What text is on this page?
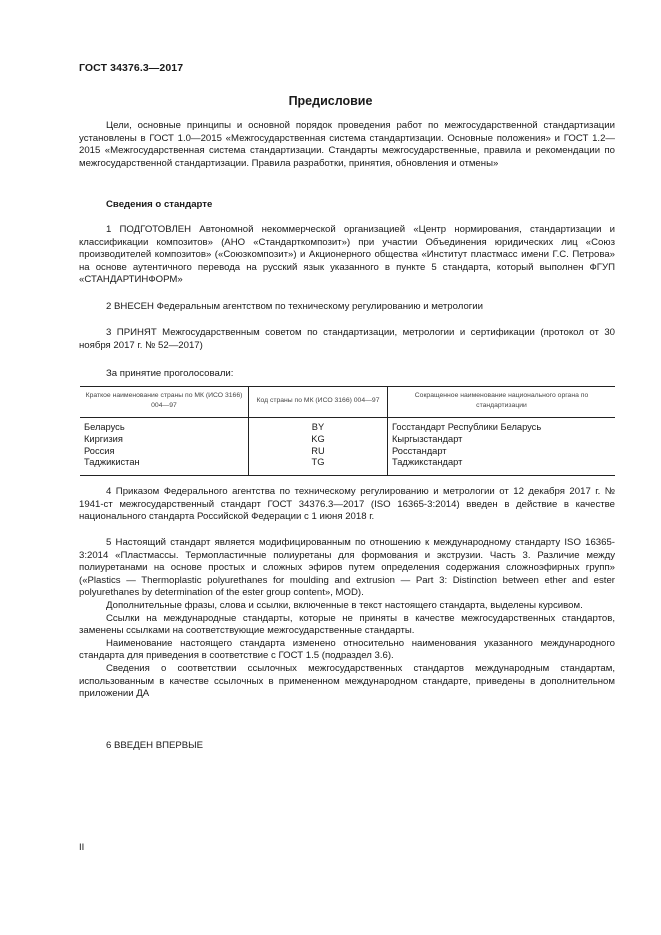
ГОСТ 34376.3—2017
Предисловие

Цели, основные принципы и основной порядок проведения работ по межгосударственной стандартизации установлены в ГОСТ 1.0—2015 «Межгосударственная система стандартизации. Основные положения» и ГОСТ 1.2—2015 «Межгосударственная система стандартизации. Стандарты межгосударственные, правила и рекомендации по межгосударственной стандартизации. Правила разработки, принятия, обновления и отмены»

Сведения о стандарте

1 ПОДГОТОВЛЕН Автономной некоммерческой организацией «Центр нормирования, стандартизации и классификации композитов» (АНО «Стандарткомпозит») при участии Объединения юридических лиц «Союз производителей композитов» («Союзкомпозит») и Акционерного общества «Институт пластмасс имени Г.С. Петрова» на основе аутентичного перевода на русский язык указанного в пункте 5 стандарта, который выполнен ФГУП «СТАНДАРТИНФОРМ»

2 ВНЕСЕН Федеральным агентством по техническому регулированию и метрологии

3 ПРИНЯТ Межгосударственным советом по стандартизации, метрологии и сертификации (протокол от 30 ноября 2017 г. № 52—2017)

За принятие проголосовали:
Краткое наименование страны по МК (ИСО 3166) 004—97	Код страны по МК (ИСО 3166) 004—97	Сокращенное наименование национального органа по стандартизации
Беларусь	BY	Госстандарт Республики Беларусь
Киргизия	KG	Кыргызстандарт
Россия	RU	Росстандарт
Таджикистан	TG	Таджикстандарт

4 Приказом Федерального агентства по техническому регулированию и метрологии от 12 декабря 2017 г. № 1941-ст межгосударственный стандарт ГОСТ 34376.3—2017 (ISO 16365-3:2014) введен в действие в качестве национального стандарта Российской Федерации с 1 июня 2018 г.

5 Настоящий стандарт является модифицированным по отношению к международному стандарту ISO 16365-3:2014 «Пластмассы. Термопластичные полиуретаны для формования и экструзии. Часть 3. Различие между полиуретанами на основе простых и сложных эфиров путем определения содержания сложноэфирных групп» («Plastics — Thermoplastic polyurethanes for moulding and extrusion — Part 3: Distinction between ether and ester polyurethanes by determination of the ester group content», MOD).

Дополнительные фразы, слова и ссылки, включенные в текст настоящего стандарта, выделены курсивом.

Ссылки на международные стандарты, которые не приняты в качестве межгосударственных стандартов, заменены ссылками на соответствующие межгосударственные стандарты.

Наименование настоящего стандарта изменено относительно наименования указанного международного стандарта для приведения в соответствие с ГОСТ 1.5 (подраздел 3.6).

Сведения о соответствии ссылочных межгосударственных стандартов международным стандартам, использованным в качестве ссылочных в примененном международном стандарте, приведены в дополнительном приложении ДА

6 ВВЕДЕН ВПЕРВЫЕ

II
